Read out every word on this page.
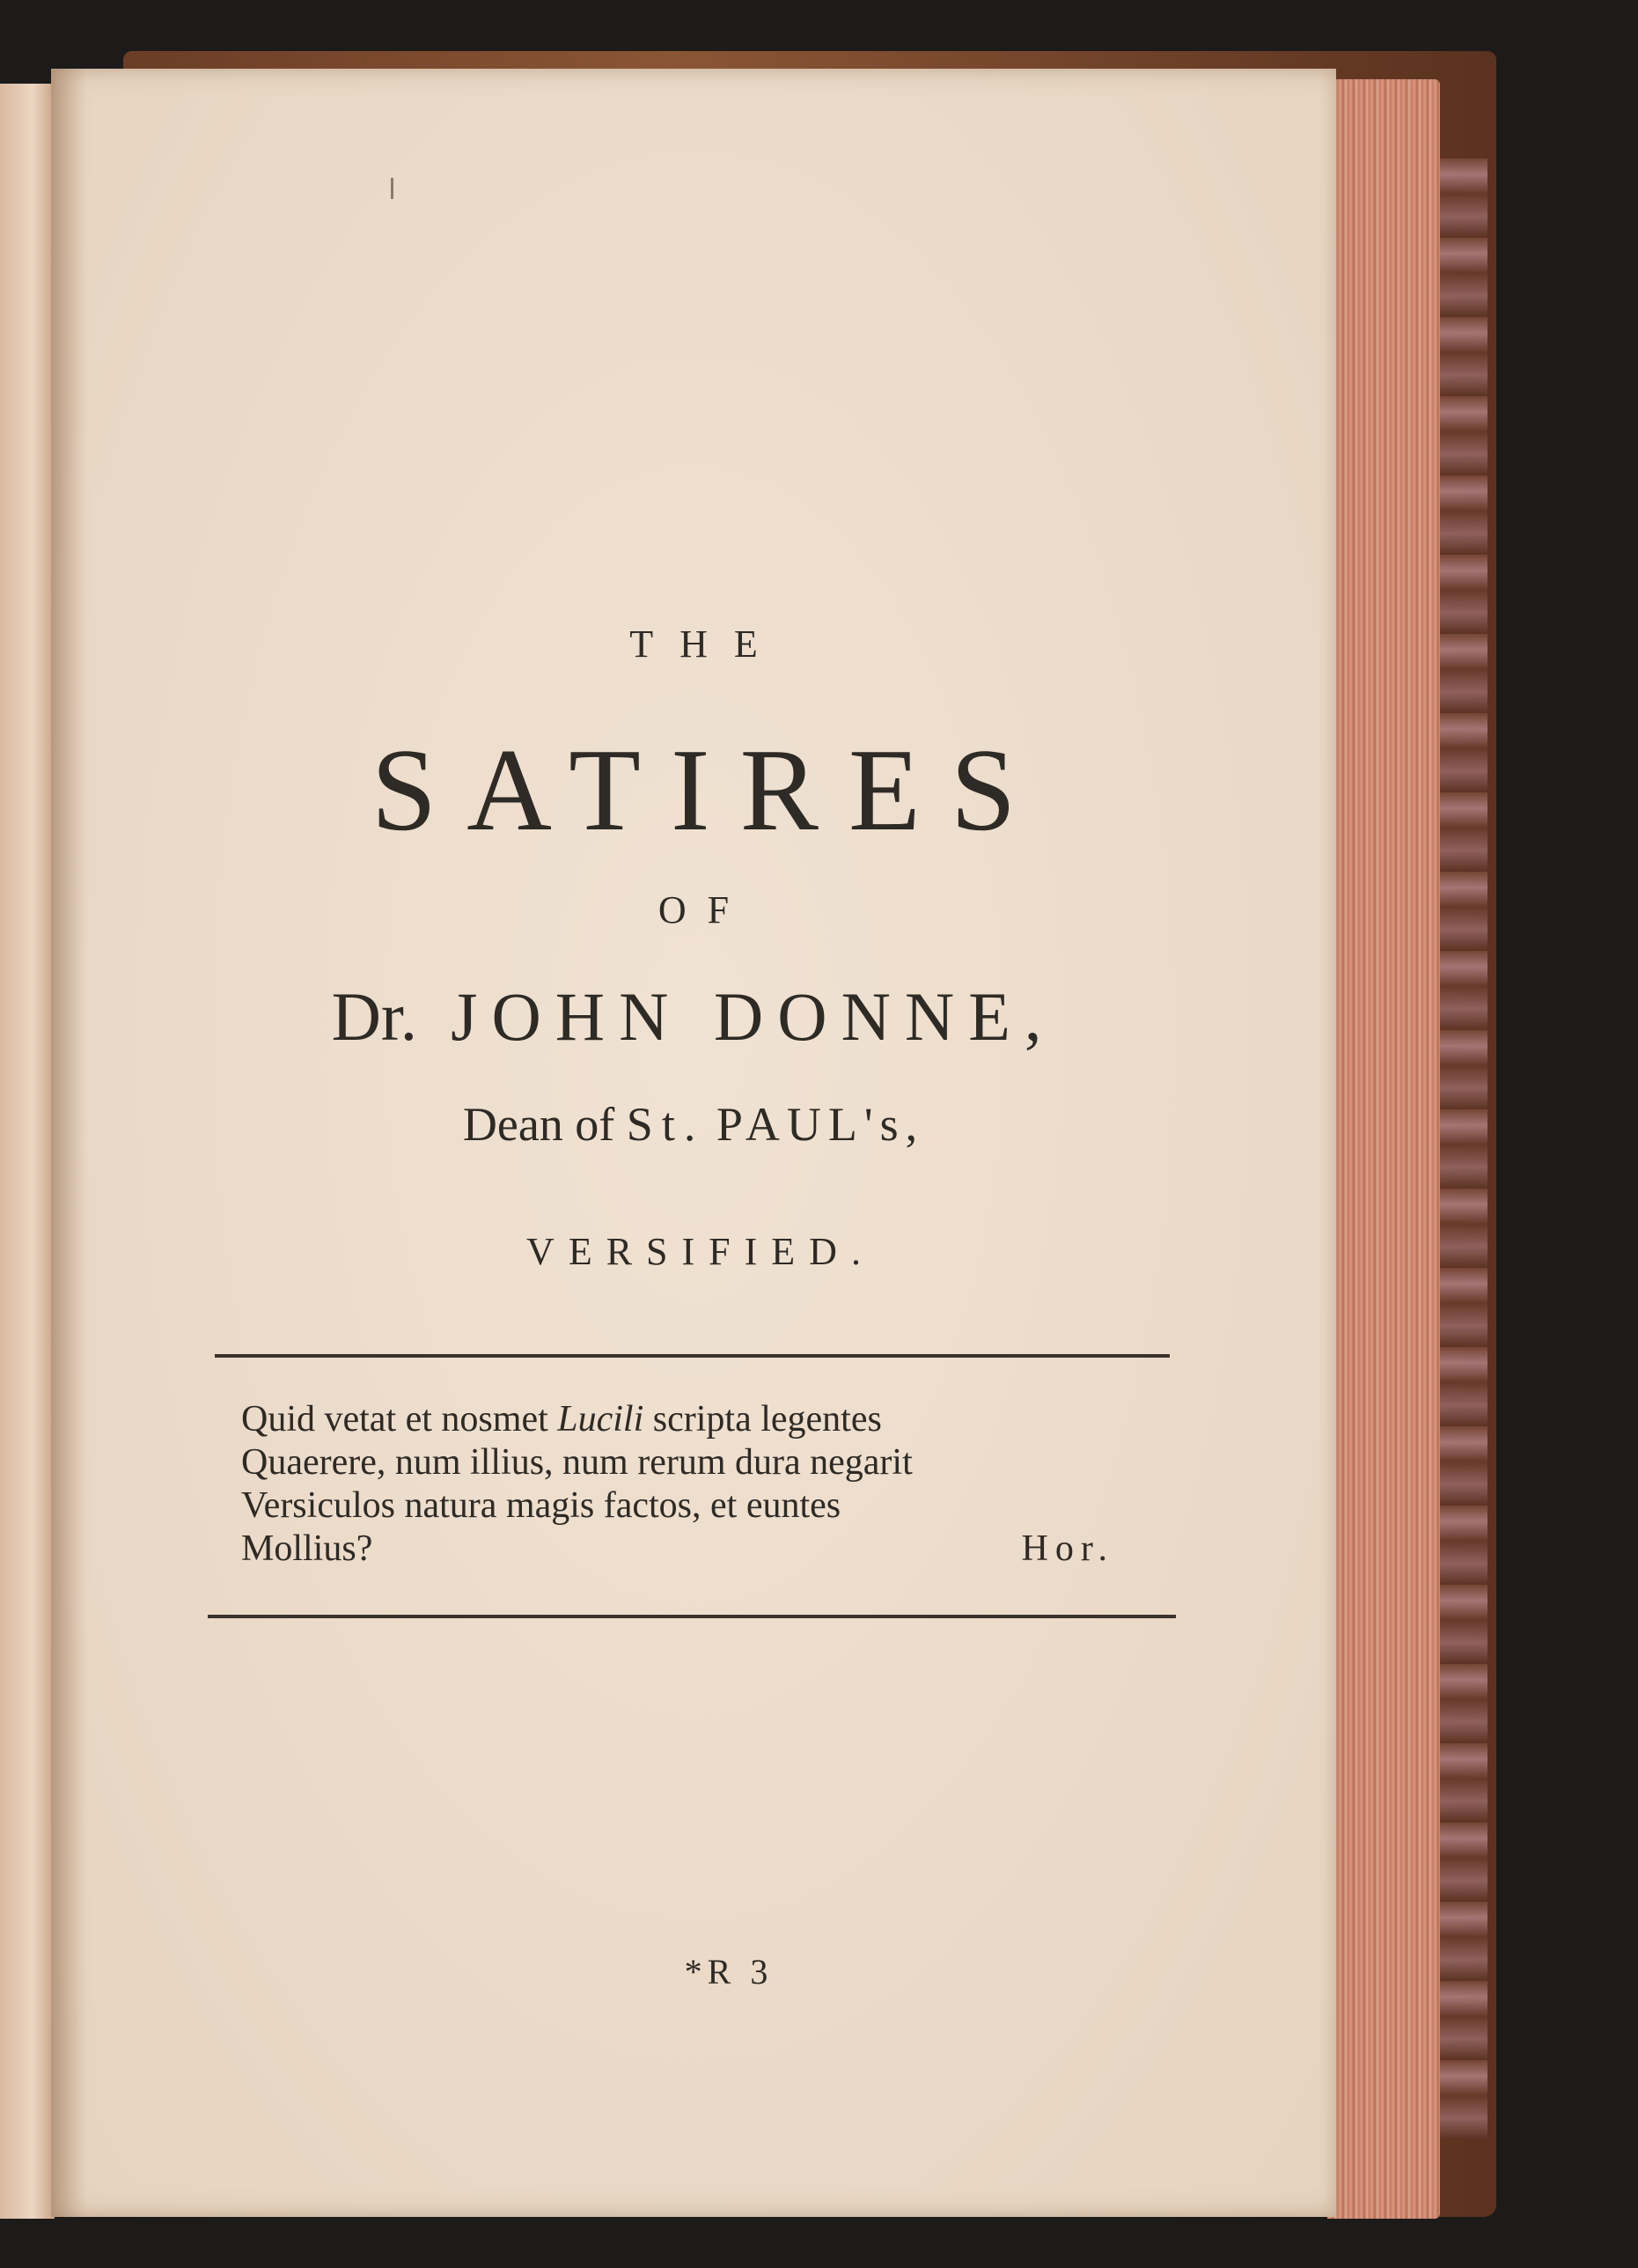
THE
SATIRES
OF
Dr. JOHN DONNE,
Dean of St. PAUL's,
VERSIFIED.
Quid vetat et nosmet Lucili scripta legentes
Quaerere, num illius, num rerum dura negarit
Versiculos natura magis factos, et euntes
Mollius?	Hor.
*R 3
